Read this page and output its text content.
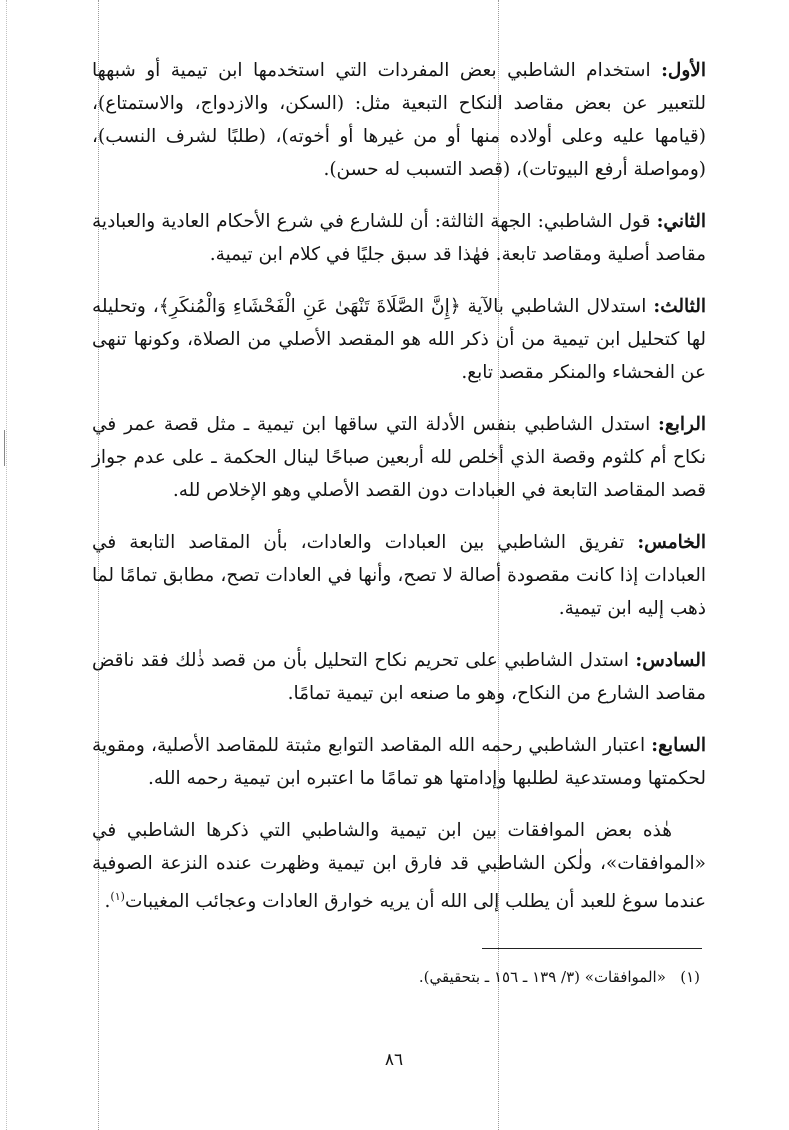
الأول: استخدام الشاطبي بعض المفردات التي استخدمها ابن تيمية أو شبهها للتعبير عن بعض مقاصد النكاح التبعية مثل: (السكن، والازدواج، والاستمتاع)، (قيامها عليه وعلى أولاده منها أو من غيرها أو أخوته)، (طلبًا لشرف النسب)، (ومواصلة أرفع البيوتات)، (قصد التسبب له حسن).

الثاني: قول الشاطبي: الجهة الثالثة: أن للشارع في شرع الأحكام العادية والعبادية مقاصد أصلية ومقاصد تابعة. فهٰذا قد سبق جليًا في كلام ابن تيمية.

الثالث: استدلال الشاطبي بالآية ﴿إِنَّ الصَّلَاةَ تَنْهَىٰ عَنِ الْفَحْشَاءِ وَالْمُنكَرِ﴾، وتحليله لها كتحليل ابن تيمية من أن ذكر الله هو المقصد الأصلي من الصلاة، وكونها تنهى عن الفحشاء والمنكر مقصد تابع.

الرابع: استدل الشاطبي بنفس الأدلة التي ساقها ابن تيمية ـ مثل قصة عمر في نكاح أم كلثوم وقصة الذي أخلص لله أربعين صباحًا لينال الحكمة ـ على عدم جواز قصد المقاصد التابعة في العبادات دون القصد الأصلي وهو الإخلاص لله.

الخامس: تفريق الشاطبي بين العبادات والعادات، بأن المقاصد التابعة في العبادات إذا كانت مقصودة أصالة لا تصح، وأنها في العادات تصح، مطابق تمامًا لما ذهب إليه ابن تيمية.

السادس: استدل الشاطبي على تحريم نكاح التحليل بأن من قصد ذٰلك فقد ناقض مقاصد الشارع من النكاح، وهو ما صنعه ابن تيمية تمامًا.

السابع: اعتبار الشاطبي رحمه الله المقاصد التوابع مثبتة للمقاصد الأصلية، ومقوية لحكمتها ومستدعية لطلبها وإدامتها هو تمامًا ما اعتبره ابن تيمية رحمه الله.

هٰذه بعض الموافقات بين ابن تيمية والشاطبي التي ذكرها الشاطبي في «الموافقات»، ولٰكن الشاطبي قد فارق ابن تيمية وظهرت عنده النزعة الصوفية عندما سوغ للعبد أن يطلب إلى الله أن يريه خوارق العادات وعجائب المغيبات$^{(١)}$.

(١)   «الموافقات» (٣/ ١٣٩ ـ ١٥٦ ـ بتحقيقي).
٨٦
